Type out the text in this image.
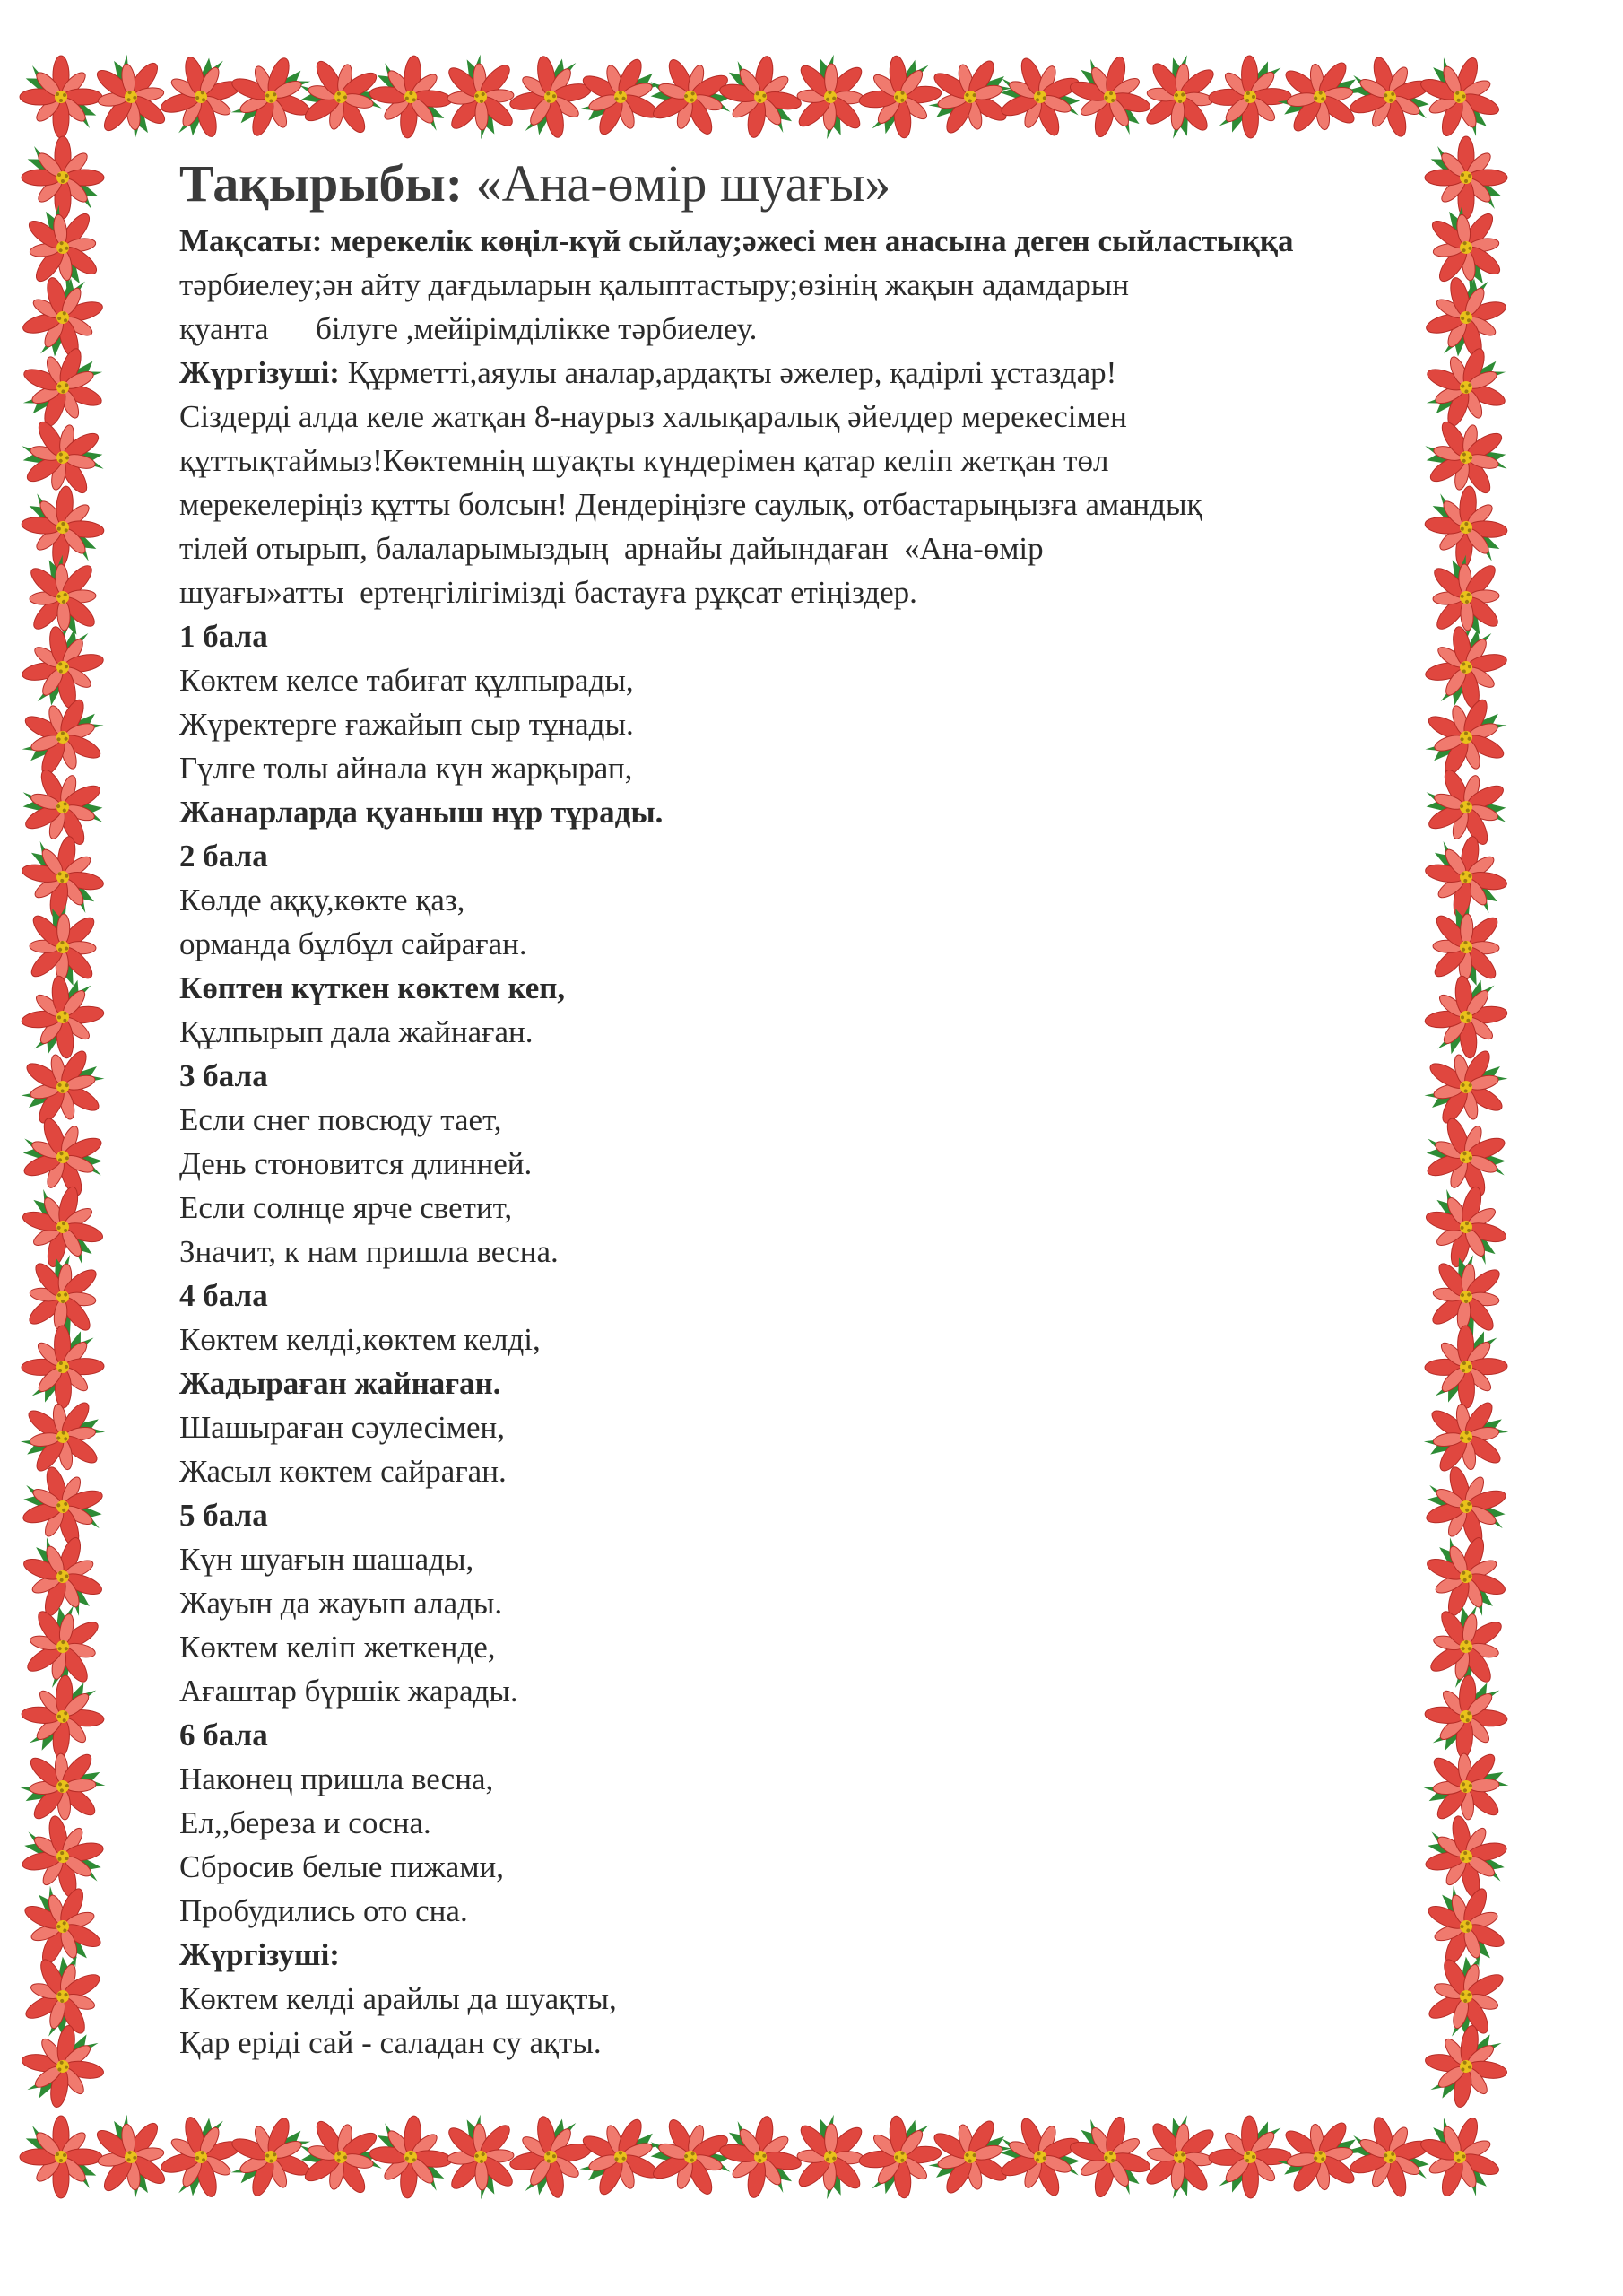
Тақырыбы: «Ана-өмір шуағы»

Мақсаты: мерекелік көңіл-күй сыйлау;әжесі мен анасына деген сыйластыққа

тәрбиелеу;ән айту дағдыларын қалыптастыру;өзінің жақын адамдарын

қуанта      білуге ,мейірімділікке тәрбиелеу.

Жүргізуші: Құрметті,аяулы аналар,ардақты әжелер, қадірлі ұстаздар!

Сіздерді алда келе жатқан 8-наурыз халықаралық әйелдер мерекесімен

құттықтаймыз!Көктемнің шуақты күндерімен қатар келіп жетқан төл

мерекелеріңіз құтты болсын! Дендеріңізге саулық, отбастарыңызға амандық

тілей отырып, балаларымыздың  арнайы дайындаған  «Ана-өмір

шуағы»атты  ертеңгілігімізді бастауға рұқсат етіңіздер.

1 бала

Көктем келсе табиғат құлпырады,

Жүректерге ғажайып сыр тұнады.

Гүлге толы айнала күн жарқырап,

Жанарларда қуаныш нұр тұрады.

2 бала

Көлде аққу,көкте қаз,

орманда бұлбұл сайраған.

Көптен күткен көктем кеп,

Құлпырып дала жайнаған.

3 бала

Если снег повсюду тает,

День стоновится длинней.

Если солнце ярче светит,

Значит, к нам пришла весна.

4 бала

Көктем келді,көктем келді,

Жадыраған жайнаған.

Шашыраған сәулесімен,

Жасыл көктем сайраған.

5 бала

Күн шуағын шашады,

Жауын да жауып алады.

Көктем келіп жеткенде,

Ағаштар бүршік жарады.

6 бала

Наконец пришла весна,

Ел,,береза и сосна.

Сбросив белые пижами,

Пробудились ото сна.

Жүргізуші:

Көктем келді арайлы да шуақты,

Қар еріді сай - саладан су ақты.
